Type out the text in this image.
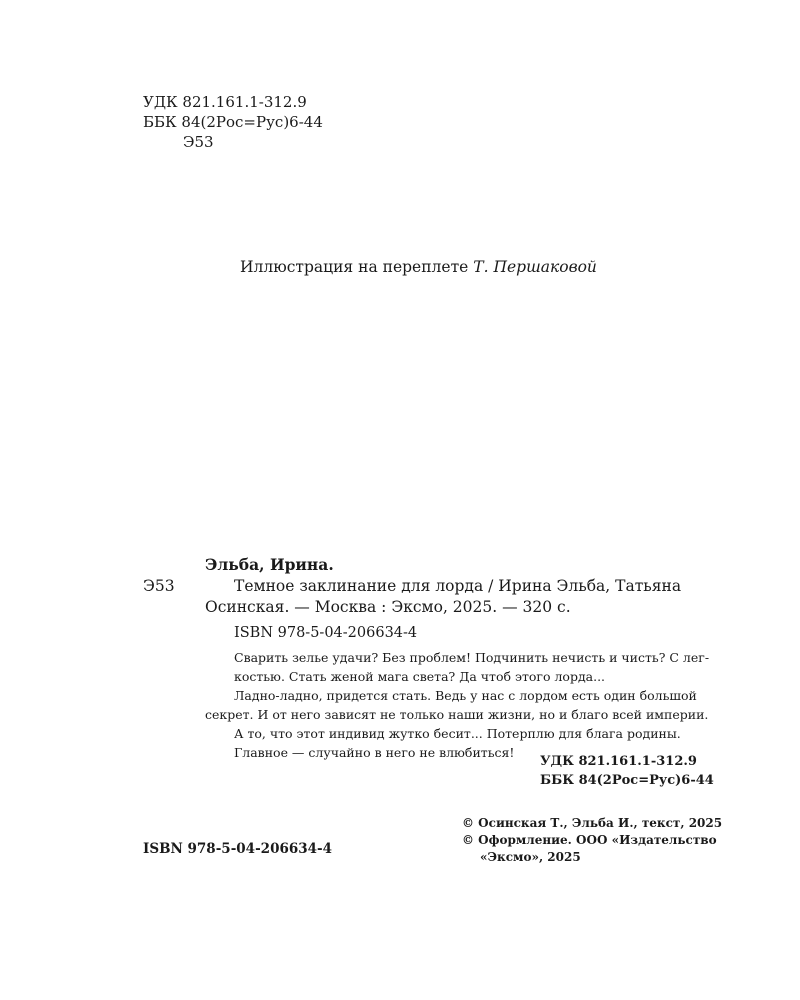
УДК 821.161.1-312.9
ББК 84(2Рос=Рус)6-44
Э53
Иллюстрация на переплете Т. Першаковой
Эльба, Ирина.
Э53	Темное заклинание для лорда / Ирина Эльба, Татьяна
Осинская. — Москва : Эксмо, 2025. — 320 с.
ISBN 978-5-04-206634-4

Сварить зелье удачи? Без проблем! Подчинить нечисть и чисть? С лег-костью. Стать женой мага света? Да чтоб этого лорда...

Ладно-ладно, придется стать. Ведь у нас с лордом есть один большой секрет. И от него зависят не только наши жизни, но и благо всей империи.

А то, что этот индивид жутко бесит... Потерплю для блага родины.

Главное — случайно в него не влюбиться!

УДК 821.161.1-312.9
ББК 84(2Рос=Рус)6-44
ISBN 978-5-04-206634-4
© Осинская Т., Эльба И., текст, 2025
© Оформление. ООО «Издательство
«Эксмо», 2025
